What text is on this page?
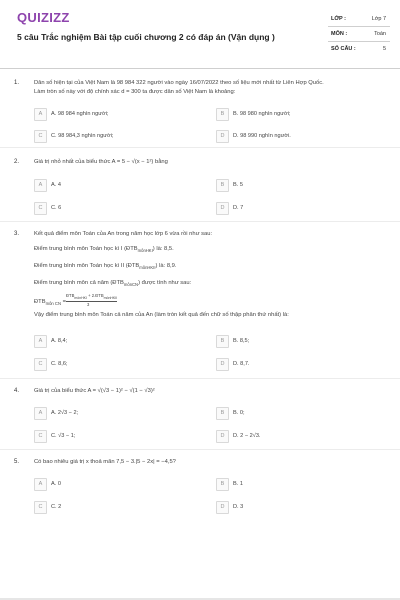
QUIZIZZ
5 câu Trắc nghiệm Bài tập cuối chương 2 có đáp án (Vận dụng )
LỚP :	Lớp 7
MÔN :	Toán
SỐ CÂU :	5
1.	Dân số hiện tại của Việt Nam là 98 984 322 người vào ngày 16/07/2022 theo số liệu mới nhất từ Liên Hợp Quốc.
Làm tròn số này với độ chính xác d = 300 ta được dân số Việt Nam là khoảng:
A	A. 98 984 nghìn người;	B	B. 98 980 nghìn người;
C	C. 98 984,3 nghìn người;	D	D. 98 990 nghìn người.
2.	Giá trị nhỏ nhất của biểu thức A = 5 − √(x − 1²) bằng
A	A. 4	B	B. 5
C	C. 6	D	D. 7
3.	Kết quả điểm môn Toán của An trong năm học lớp 6 vừa rồi như sau:
Điểm trung bình môn Toán học kì I $(ĐTB_{mônHKI})$ là: 8,5.
Điểm trung bình môn Toán học kì II $(ĐTB_{mônHKII})$ là: 8,9.
Điểm trung bình môn cả năm $(ĐTB_{mônCN})$ được tính như sau:
$ĐTB_{môn CN}$ =
$ĐTB_{mônHKI}$ + $2.ĐTB_{mônHKII}$
3
Vậy điểm trung bình môn Toán cả năm của An (làm tròn kết quả đến chữ số thập phân thứ nhất) là:
A	A. 8,4;	B	B. 8,5;
C	C. 8,6;	D	D. 8,7.
4.	Giá trị của biểu thức A = √(√3 − 1)² − √(1 − √3)²
A	A. 2√3 − 2;	B	B. 0;
C	C. √3 − 1;	D	D. 2 − 2√3.
5.	Có bao nhiêu giá trị x thoả mãn 7,5 − 3.|5 − 2x| = −4,5?
A	A. 0	B	B. 1
C	C. 2	D	D. 3
